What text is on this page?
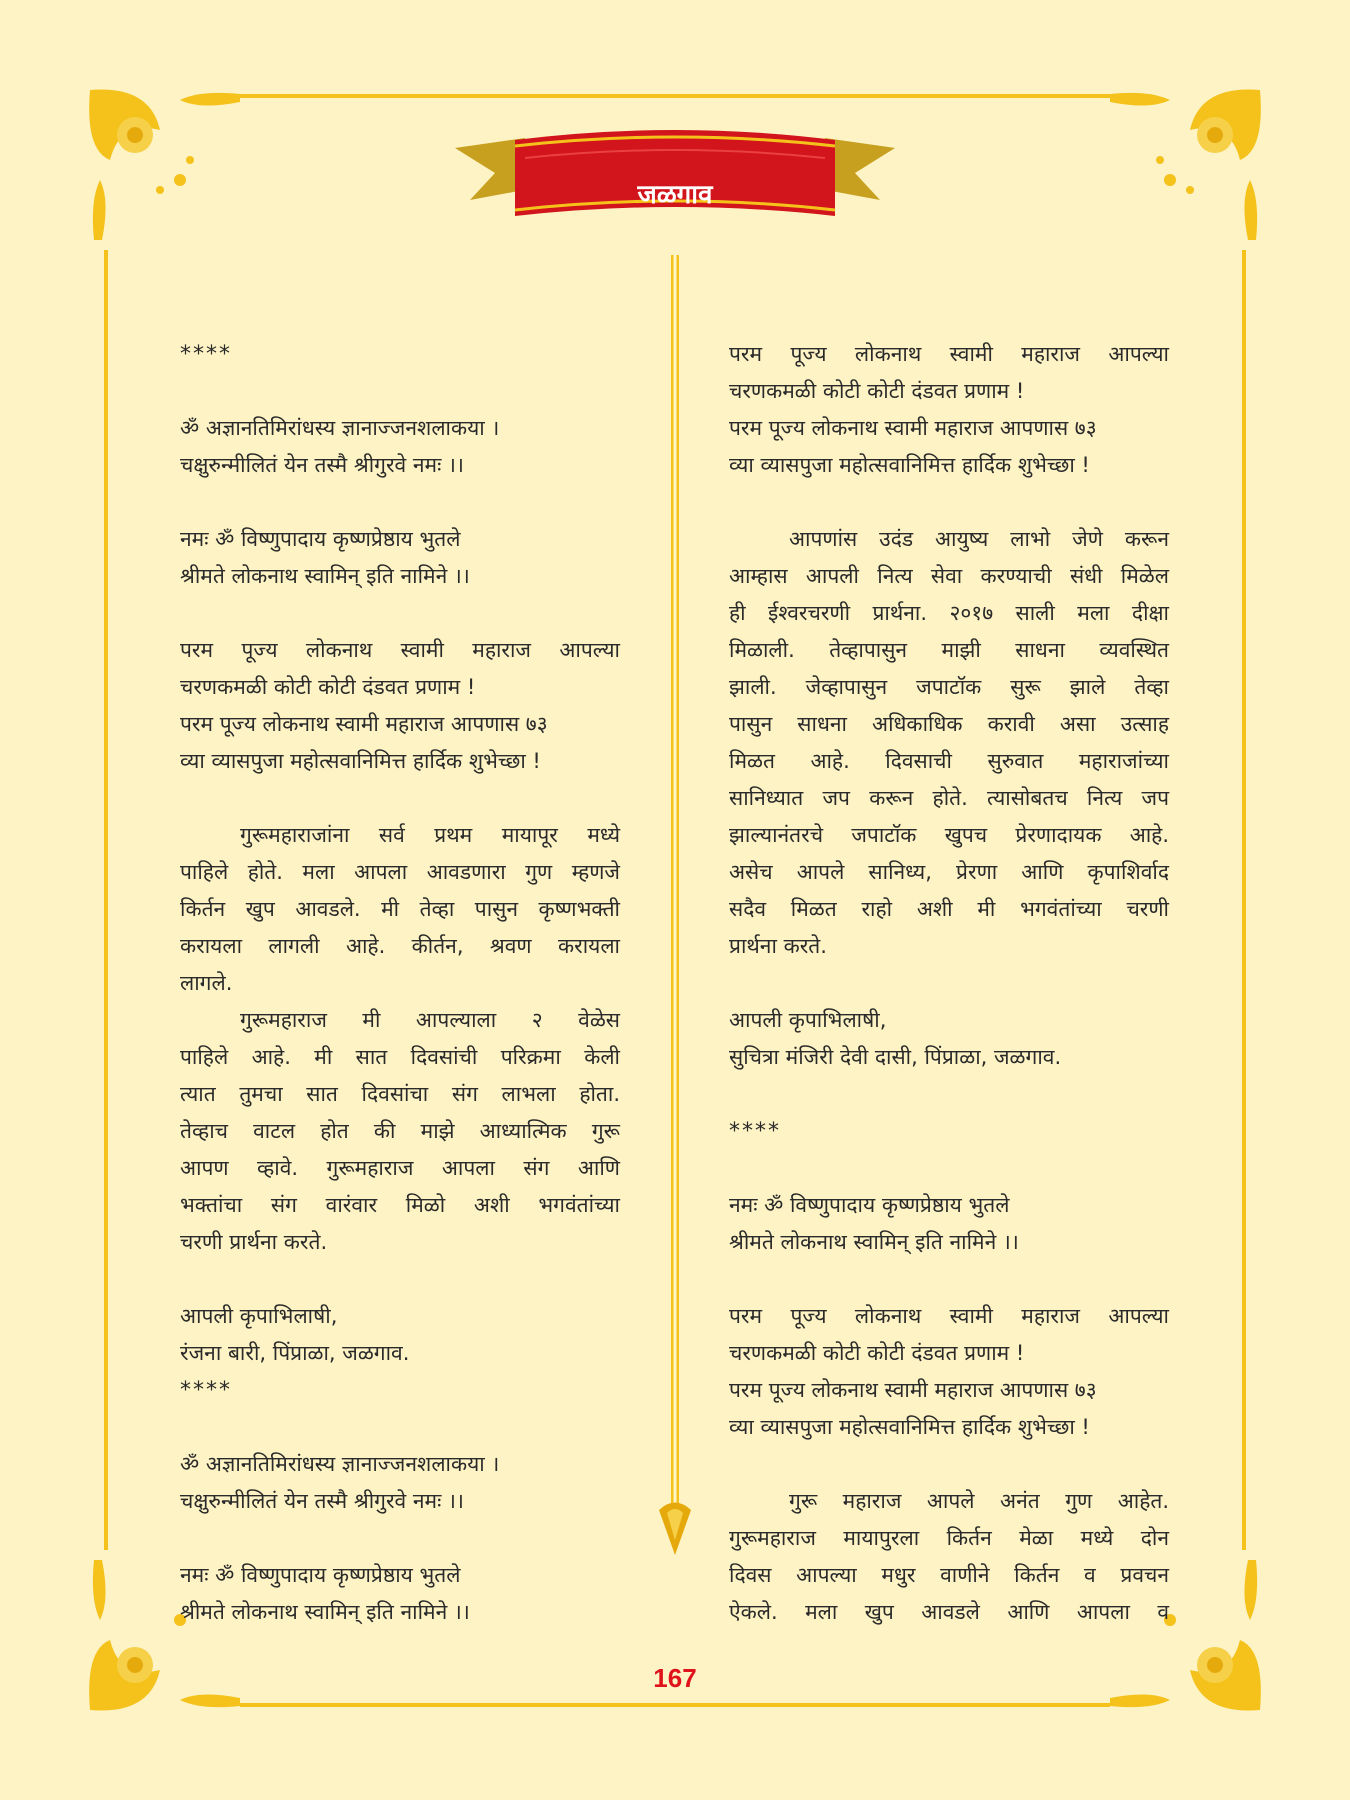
जळगाव
****
ॐ अज्ञानतिमिरांधस्य ज्ञानाज्जनशलाकया ।
चक्षुरुन्मीलितं येन तस्मै श्रीगुरवे नमः ।।
नमः ॐ विष्णुपादाय कृष्णप्रेष्ठाय भुतले
श्रीमते लोकनाथ स्वामिन् इति नामिने ।।
परम पूज्य लोकनाथ स्वामी महाराज आपल्या
चरणकमळी कोटी कोटी दंडवत प्रणाम !
परम पूज्य लोकनाथ स्वामी महाराज आपणास ७३
व्या व्यासपुजा महोत्सवानिमित्त हार्दिक शुभेच्छा !
गुरूमहाराजांना सर्व प्रथम मायापूर मध्ये
पाहिले होते. मला आपला आवडणारा गुण म्हणजे
किर्तन खुप आवडले. मी तेव्हा पासुन कृष्णभक्ती
करायला लागली आहे. कीर्तन, श्रवण करायला
लागले.
गुरूमहाराज मी आपल्याला २ वेळेस
पाहिले आहे. मी सात दिवसांची परिक्रमा केली
त्यात तुमचा सात दिवसांचा संग लाभला होता.
तेव्हाच वाटल होत की माझे आध्यात्मिक गुरू
आपण व्हावे. गुरूमहाराज आपला संग आणि
भक्तांचा संग वारंवार मिळो अशी भगवंतांच्या
चरणी प्रार्थना करते.
आपली कृपाभिलाषी,
रंजना बारी, पिंप्राळा, जळगाव.
****
ॐ अज्ञानतिमिरांधस्य ज्ञानाज्जनशलाकया ।
चक्षुरुन्मीलितं येन तस्मै श्रीगुरवे नमः ।।
नमः ॐ विष्णुपादाय कृष्णप्रेष्ठाय भुतले
श्रीमते लोकनाथ स्वामिन् इति नामिने ।।
परम पूज्य लोकनाथ स्वामी महाराज आपल्या
चरणकमळी कोटी कोटी दंडवत प्रणाम !
परम पूज्य लोकनाथ स्वामी महाराज आपणास ७३
व्या व्यासपुजा महोत्सवानिमित्त हार्दिक शुभेच्छा !
आपणांस उदंड आयुष्य लाभो जेणे करून
आम्हास आपली नित्य सेवा करण्याची संधी मिळेल
ही ईश्वरचरणी प्रार्थना. २०१७ साली मला दीक्षा
मिळाली. तेव्हापासुन माझी साधना व्यवस्थित
झाली. जेव्हापासुन जपाटॉक सुरू झाले तेव्हा
पासुन साधना अधिकाधिक करावी असा उत्साह
मिळत आहे. दिवसाची सुरुवात महाराजांच्या
सानिध्यात जप करून होते. त्यासोबतच नित्य जप
झाल्यानंतरचे जपाटॉक खुपच प्रेरणादायक आहे.
असेच आपले सानिध्य, प्रेरणा आणि कृपाशिर्वाद
सदैव मिळत राहो अशी मी भगवंतांच्या चरणी
प्रार्थना करते.
आपली कृपाभिलाषी,
सुचित्रा मंजिरी देवी दासी, पिंप्राळा, जळगाव.
****
नमः ॐ विष्णुपादाय कृष्णप्रेष्ठाय भुतले
श्रीमते लोकनाथ स्वामिन् इति नामिने ।।
परम पूज्य लोकनाथ स्वामी महाराज आपल्या
चरणकमळी कोटी कोटी दंडवत प्रणाम !
परम पूज्य लोकनाथ स्वामी महाराज आपणास ७३
व्या व्यासपुजा महोत्सवानिमित्त हार्दिक शुभेच्छा !
गुरू महाराज आपले अनंत गुण आहेत.
गुरूमहाराज मायापुरला किर्तन मेळा मध्ये दोन
दिवस आपल्या मधुर वाणीने किर्तन व प्रवचन
ऐकले. मला खुप आवडले आणि आपला व
167
